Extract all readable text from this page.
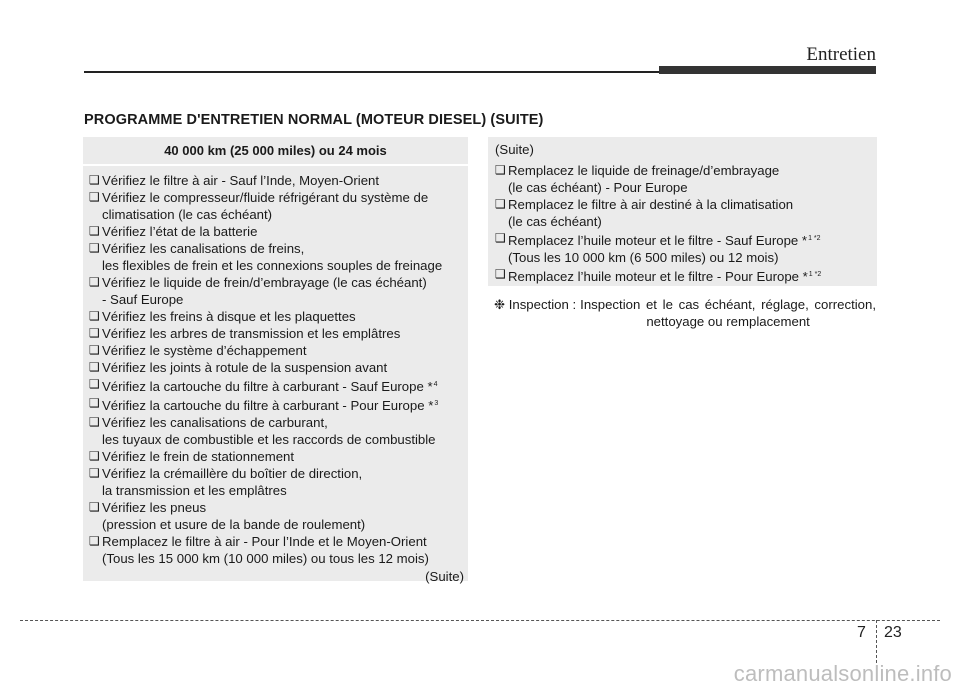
Entretien
PROGRAMME D'ENTRETIEN NORMAL (MOTEUR DIESEL) (SUITE)
40 000 km (25 000 miles) ou 24 mois
❑ Vérifiez le filtre à air - Sauf l’Inde, Moyen-Orient
❑ Vérifiez le compresseur/fluide réfrigérant du système de
climatisation (le cas échéant)
❑ Vérifiez l’état de la batterie
❑ Vérifiez les canalisations de freins,
les flexibles de frein et les connexions souples de freinage
❑ Vérifiez le liquide de frein/d’embrayage (le cas échéant)
- Sauf Europe
❑ Vérifiez les freins à disque et les plaquettes
❑ Vérifiez les arbres de transmission et les emplâtres
❑ Vérifiez le système d’échappement
❑ Vérifiez les joints à rotule de la suspension avant
❑ Vérifiez la cartouche du filtre à carburant - Sauf Europe *$^4$
❑ Vérifiez la cartouche du filtre à carburant - Pour Europe *$^3$
❑ Vérifiez les canalisations de carburant,
les tuyaux de combustible et les raccords de combustible
❑ Vérifiez le frein de stationnement
❑ Vérifiez la crémaillère du boîtier de direction,
la transmission et les emplâtres
❑ Vérifiez les pneus
(pression et usure de la bande de roulement)
❑ Remplacez le filtre à air - Pour l’Inde et le Moyen-Orient
(Tous les 15 000 km (10 000 miles) ou tous les 12 mois)
(Suite)
(Suite)
❑ Remplacez le liquide de freinage/d’embrayage
(le cas échéant) - Pour Europe
❑ Remplacez le filtre à air destiné à la climatisation
(le cas échéant)
❑ Remplacez l’huile moteur et le filtre - Sauf Europe *$^{1 *2}$
(Tous les 10 000 km (6 500 miles) ou 12 mois)
❑ Remplacez l’huile moteur et le filtre - Pour Europe *$^{1 *2}$
❉ Inspection : Inspection et le cas échéant, réglage, correction, nettoyage ou remplacement
7 23
carmanualsonline.info
